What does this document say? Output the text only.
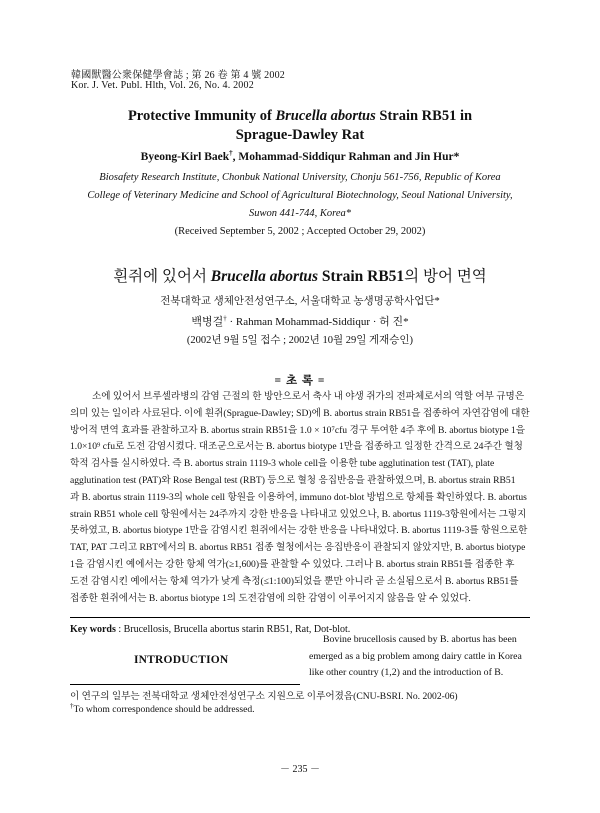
韓國獸醫公衆保健學會誌 ; 第 26 卷 第 4 號 2002
Kor. J. Vet. Publ. Hlth, Vol. 26, No. 4. 2002
Protective Immunity of Brucella abortus Strain RB51 in
Sprague-Dawley Rat
Byeong-Kirl Baek†, Mohammad-Siddiqur Rahman and Jin Hur*
Biosafety Research Institute, Chonbuk National University, Chonju 561-756, Republic of Korea
College of Veterinary Medicine and School of Agricultural Biotechnology, Seoul National University,
Suwon 441-744, Korea*
(Received September 5, 2002 ; Accepted October 29, 2002)
흰쥐에 있어서 Brucella abortus Strain RB51의 방어 면역
전북대학교 생체안전성연구소, 서울대학교 농생명공학사업단*
백병걸† · Rahman Mohammad-Siddiqur · 허 진*
(2002년 9월 5일 접수 ; 2002년 10월 29일 게재승인)
= 초 록 =
소에 있어서 브루셀라병의 감염 근절의 한 방안으로서 축사 내 야생 쥐가의 전파체로서의 역할 여부 규명은
의미 있는 일이라 사료된다. 이에 흰쥐(Sprague-Dawley; SD)에 B. abortus strain RB51을 접종하여 자연감염에 대한
방어적 면역 효과를 관찰하고자 B. abortus strain RB51을 1.0 × 10⁷cfu 경구 투여한 4주 후에 B. abortus biotype 1을
1.0×10⁹ cfu로 도전 감염시켰다. 대조군으로서는 B. abortus biotype 1만을 접종하고 일정한 간격으로 24주간 혈청
학적 검사를 실시하였다. 즉 B. abortus strain 1119-3 whole cell을 이용한 tube agglutination test (TAT), plate
agglutination test (PAT)와 Rose Bengal test (RBT) 등으로 혈청 응집반응을 관찰하였으며, B. abortus strain RB51
과 B. abortus strain 1119-3의 whole cell 항원을 이용하여, immuno dot-blot 방법으로 항체를 확인하였다. B. abortus
strain RB51 whole cell 항원에서는 24주까지 강한 반응을 나타내고 있었으나, B. abortus 1119-3항원에서는 그렇지
못하였고, B. abortus biotype 1만을 감염시킨 흰쥐에서는 강한 반응을 나타내었다. B. abortus 1119-3를 항원으로한
TAT, PAT 그리고 RBT에서의 B. abortus RB51 접종 혈청에서는 응집반응이 관찰되지 않았지만, B. abortus biotype
1을 감염시킨 예에서는 강한 항체 역가(≥1,600)를 관찰할 수 있었다. 그러나 B. abortus strain RB51를 접종한 후
도전 감염시킨 예에서는 항체 역가가 낮게 측정(≤1:100)되었을 뿐만 아니라 곧 소실됨으로서 B. abortus RB51를
접종한 흰쥐에서는 B. abortus biotype 1의 도전감염에 의한 감염이 이루어지지 않음을 알 수 있었다.
Key words : Brucellosis, Brucella abortus starin RB51, Rat, Dot-blot.
INTRODUCTION
Bovine brucellosis caused by B. abortus has been
emerged as a big problem among dairy cattle in Korea
like other country (1,2) and the introduction of B.
이 연구의 일부는 전북대학교 생체안전성연구소 지원으로 이루어졌음(CNU-BSRI. No. 2002-06)
†To whom correspondence should be addressed.
－ 235 －
